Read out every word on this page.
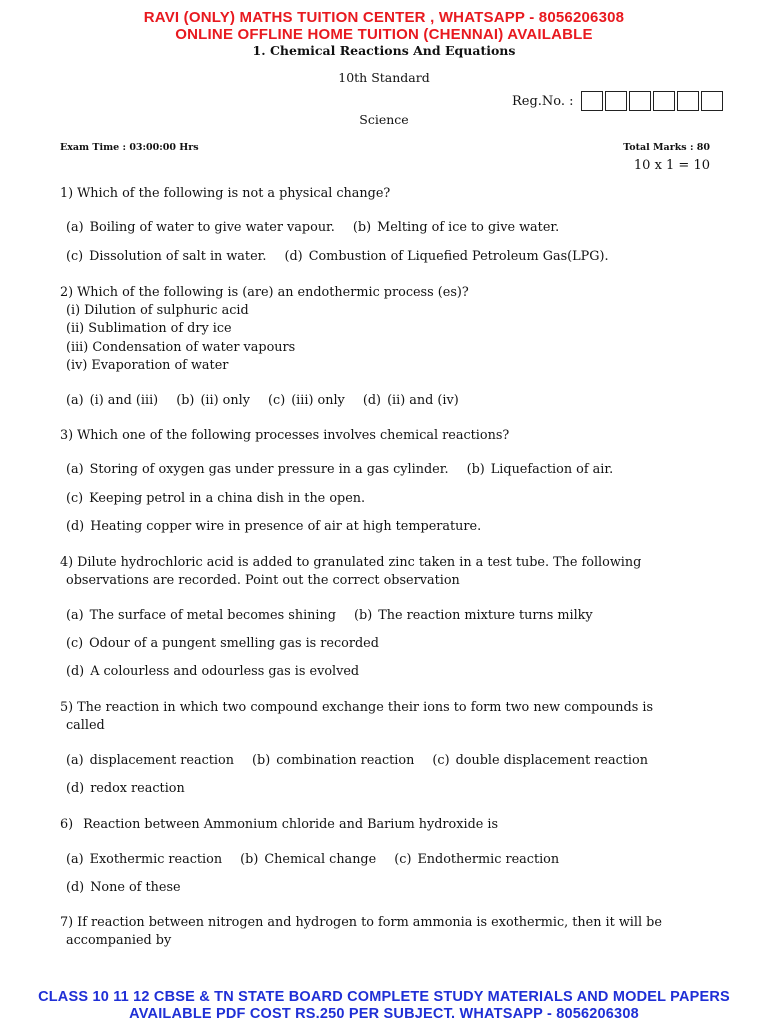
RAVI (ONLY) MATHS TUITION CENTER , WHATSAPP - 8056206308
ONLINE OFFLINE HOME TUITION (CHENNAI) AVAILABLE
1. Chemical Reactions And Equations
10th Standard
Reg.No. :
Science
Exam Time : 03:00:00 Hrs	Total Marks : 80
10 x 1 = 10
1) Which of the following is not a physical change?
(a) Boiling of water to give water vapour. (b) Melting of ice to give water.
(c) Dissolution of salt in water. (d) Combustion of Liquefied Petroleum Gas(LPG).
2) Which of the following is (are) an endothermic process (es)?
(i) Dilution of sulphuric acid
(ii) Sublimation of dry ice
(iii) Condensation of water vapours
(iv) Evaporation of water
(a) (i) and (iii) (b) (ii) only (c) (iii) only (d) (ii) and (iv)
3) Which one of the following processes involves chemical reactions?
(a) Storing of oxygen gas under pressure in a gas cylinder. (b) Liquefaction of air.
(c) Keeping petrol in a china dish in the open.
(d) Heating copper wire in presence of air at high temperature.
4) Dilute hydrochloric acid is added to granulated zinc taken in a test tube. The following
observations are recorded. Point out the correct observation
(a) The surface of metal becomes shining (b) The reaction mixture turns milky
(c) Odour of a pungent smelling gas is recorded
(d) A colourless and odourless gas is evolved
5) The reaction in which two compound exchange their ions to form two new compounds is
called
(a) displacement reaction (b) combination reaction (c) double displacement reaction
(d) redox reaction
6) Reaction between Ammonium chloride and Barium hydroxide is
(a) Exothermic reaction (b) Chemical change (c) Endothermic reaction
(d) None of these
7) If reaction between nitrogen and hydrogen to form ammonia is exothermic, then it will be
accompanied by
CLASS 10 11 12 CBSE & TN STATE BOARD COMPLETE STUDY MATERIALS AND MODEL PAPERS
AVAILABLE PDF COST RS.250 PER SUBJECT. WHATSAPP - 8056206308
